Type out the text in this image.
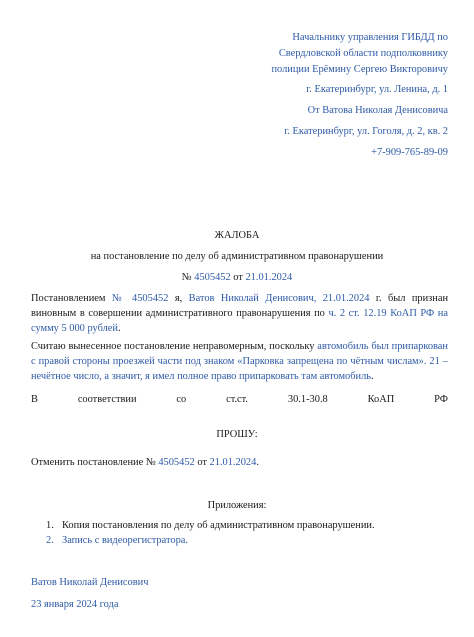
Начальнику управления ГИБДД по
Свердловской области подполковнику
полиции Ерёмину Сергею Викторовичу
г. Екатеринбург, ул. Ленина, д. 1
От Ватова Николая Денисовича
г. Екатеринбург, ул. Гоголя, д. 2, кв. 2
+7-909-765-89-09
ЖАЛОБА
на постановление по делу об административном правонарушении
№ 4505452 от 21.01.2024
Постановлением № 4505452 я, Ватов Николай Денисович, 21.01.2024 г. был признан виновным в совершении административного правонарушения по ч. 2 ст. 12.19 КоАП РФ на сумму 5 000 рублей.
Считаю вынесенное постановление неправомерным, поскольку автомобиль был припаркован с правой стороны проезжей части под знаком «Парковка запрещена по чётным числам». 21 – нечётное число, а значит, я имел полное право припарковать там автомобиль.
В	соответствии	со	ст.ст.	30.1-30.8	КоАП	РФ
ПРОШУ:
Отменить постановление № 4505452 от 21.01.2024.
Приложения:
1. Копия постановления по делу об административном правонарушении.
2. Запись с видеорегистратора.
Ватов Николай Денисович
23 января 2024 года
